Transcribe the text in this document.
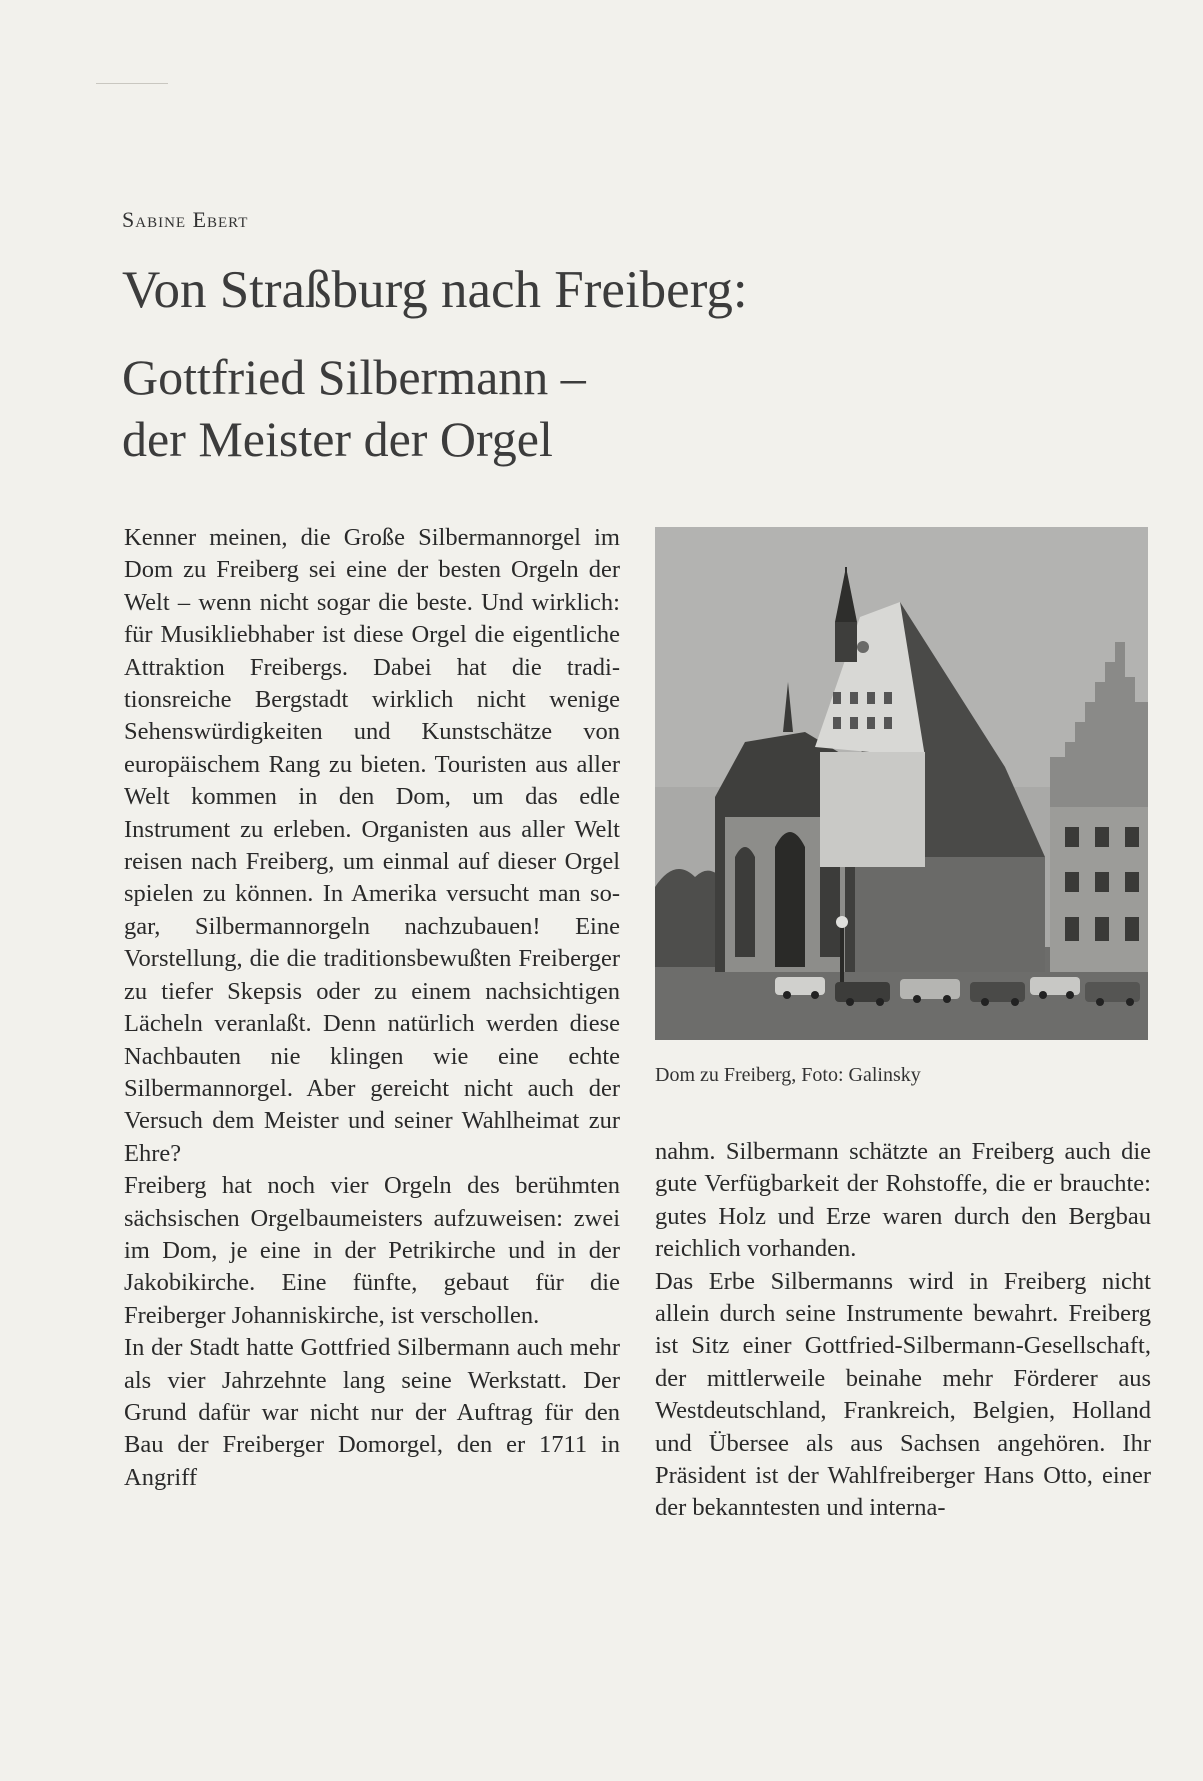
Sabine Ebert
Von Straßburg nach Freiberg:
Gottfried Silbermann –
der Meister der Orgel

Kenner meinen, die Große Silbermannorgel im Dom zu Freiberg sei eine der besten Orgeln der Welt – wenn nicht sogar die beste. Und wirklich: für Musikliebhaber ist diese Orgel die eigentliche Attraktion Freibergs. Dabei hat die traditionsreiche Bergstadt wirklich nicht wenige Sehenswürdigkeiten und Kunstschätze von europäischem Rang zu bieten. Touristen aus aller Welt kommen in den Dom, um das edle Instrument zu erleben. Organisten aus aller Welt reisen nach Freiberg, um einmal auf dieser Orgel spielen zu können. In Amerika versucht man sogar, Silbermannorgeln nachzubauen! Eine Vorstellung, die die traditionsbewußten Freiberger zu tiefer Skepsis oder zu einem nachsichtigen Lächeln veranlaßt. Denn natürlich werden diese Nachbauten nie klingen wie eine echte Silbermannorgel. Aber gereicht nicht auch der Versuch dem Meister und seiner Wahlheimat zur Ehre?

Freiberg hat noch vier Orgeln des berühmten sächsischen Orgelbaumeisters aufzuweisen: zwei im Dom, je eine in der Petrikirche und in der Jakobikirche. Eine fünfte, gebaut für die Freiberger Johanniskirche, ist verschollen.

In der Stadt hatte Gottfried Silbermann auch mehr als vier Jahrzehnte lang seine Werkstatt. Der Grund dafür war nicht nur der Auftrag für den Bau der Freiberger Domorgel, den er 1711 in Angriff

Dom zu Freiberg, Foto: Galinsky

nahm. Silbermann schätzte an Freiberg auch die gute Verfügbarkeit der Rohstoffe, die er brauchte: gutes Holz und Erze waren durch den Bergbau reichlich vorhanden.

Das Erbe Silbermanns wird in Freiberg nicht allein durch seine Instrumente bewahrt. Freiberg ist Sitz einer Gottfried-Silbermann-Gesellschaft, der mittlerweile beinahe mehr Förderer aus Westdeutschland, Frankreich, Belgien, Holland und Übersee als aus Sachsen angehören. Ihr Präsident ist der Wahlfreiberger Hans Otto, einer der bekanntesten und interna-
